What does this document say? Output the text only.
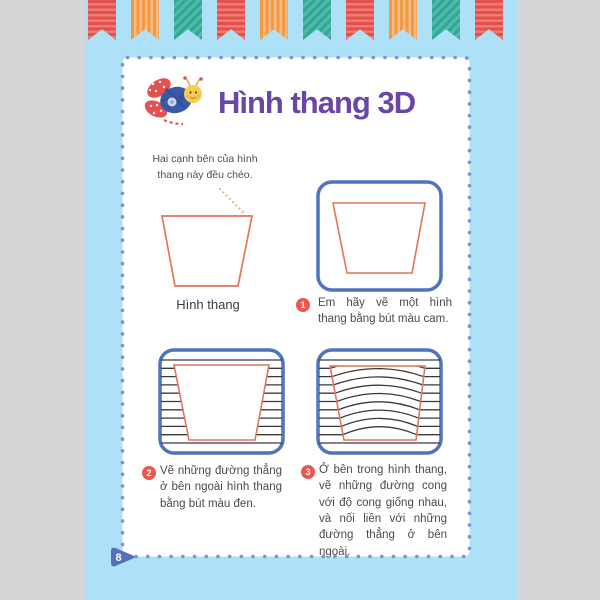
Hình thang 3D
Hai cạnh bên của hình thang này đều chéo.
Hình thang	1	Em hãy vẽ một hình thang bằng bút màu cam.
2 Vẽ những đường thẳng ở bên ngoài hình thang bằng bút màu đen.
3 Ở bên trong hình thang, vẽ những đường cong với độ cong giống nhau, và nối liền với những đường thẳng ở bên ngoài.
8
